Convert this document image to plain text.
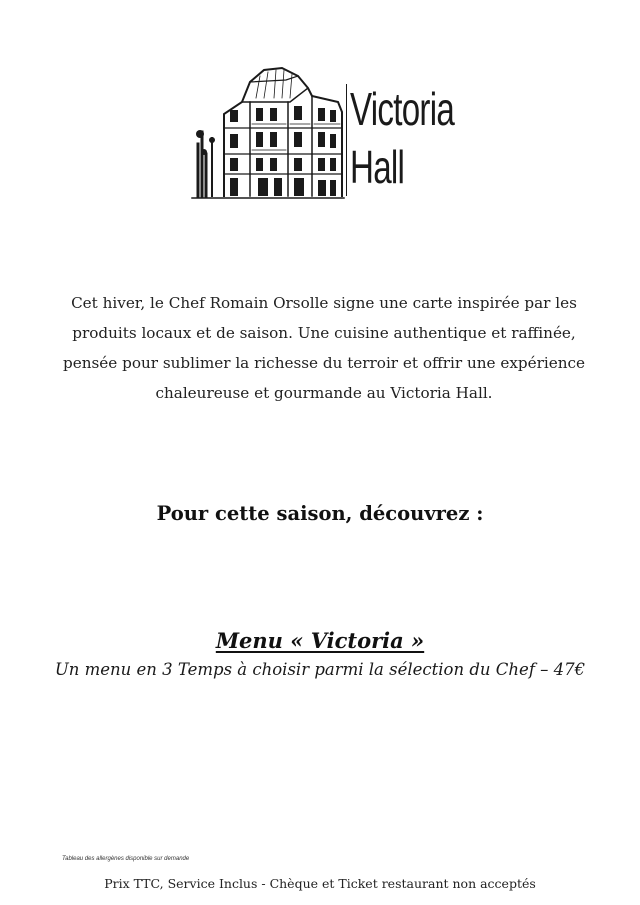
Victoria
Hall

Cet hiver, le Chef Romain Orsolle signe une carte inspirée par les produits locaux et de saison. Une cuisine authentique et raffinée, pensée pour sublimer la richesse du terroir et offrir une expérience chaleureuse et gourmande au Victoria Hall.

Pour cette saison, découvrez :
Menu « Victoria »
Un menu en 3 Temps à choisir parmi la sélection du Chef – 47€
Tableau des allergènes disponible sur demande
Prix TTC, Service Inclus - Chèque et Ticket restaurant non acceptés
